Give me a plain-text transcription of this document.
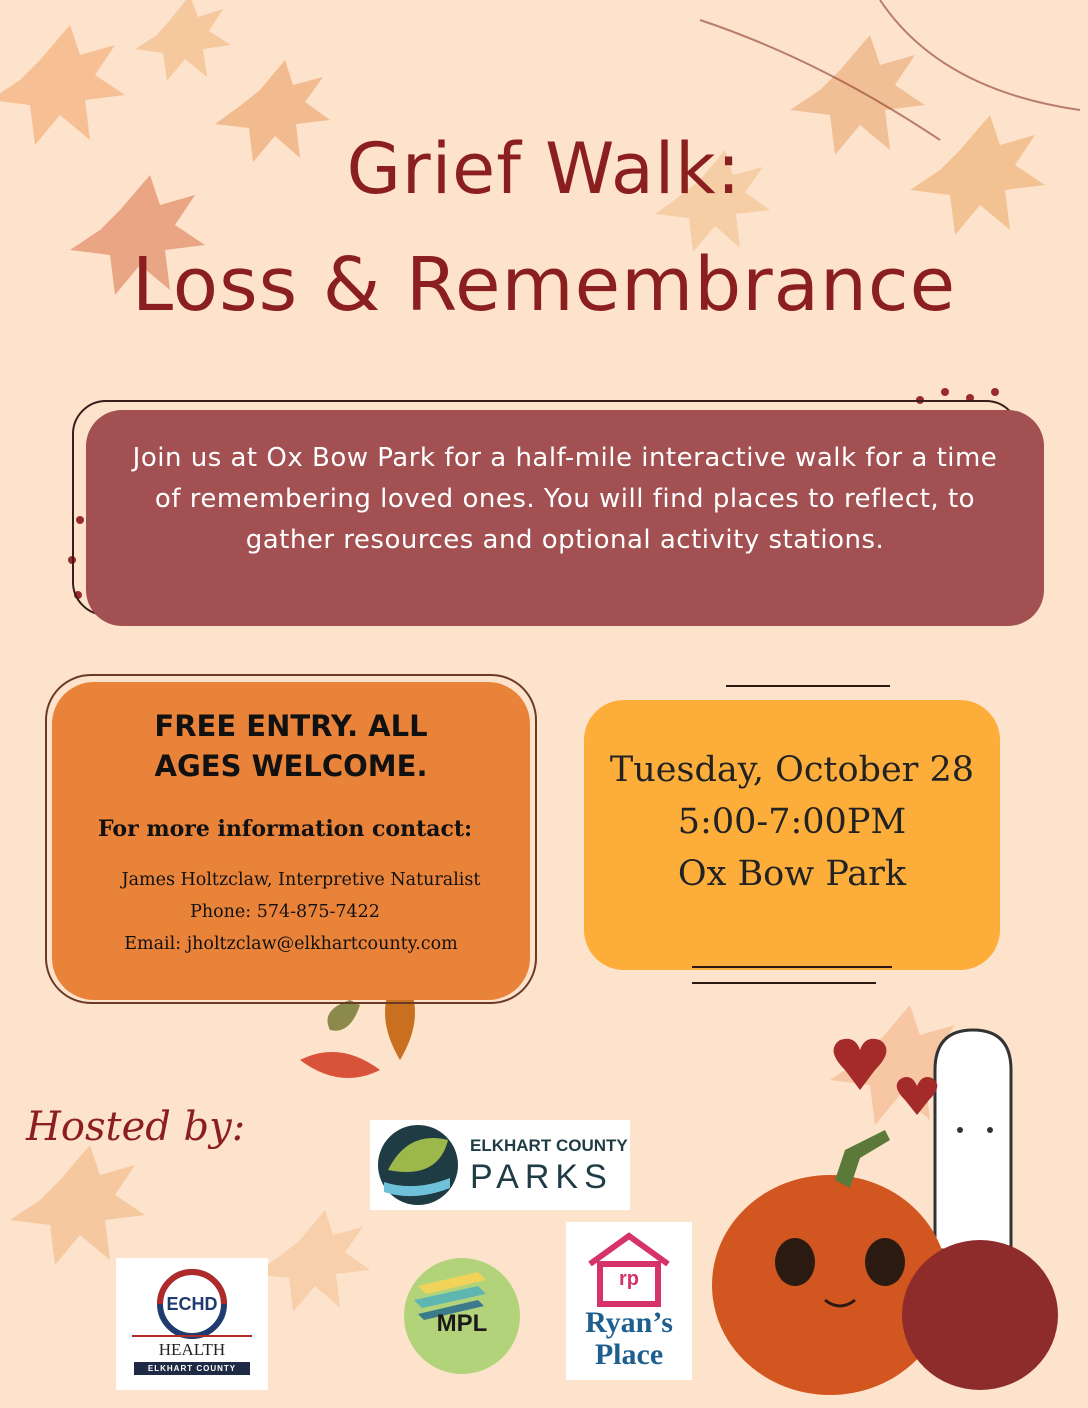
Grief Walk:
Loss & Remembrance
Join us at Ox Bow Park for a half-mile interactive walk for a time of remembering loved ones. You will find places to reflect, to gather resources and optional activity stations.
FREE ENTRY. ALL AGES WELCOME.
For more information contact:
James Holtzclaw, Interpretive Naturalist
Phone: 574-875-7422
Email: jholtzclaw@elkhartcounty.com
Tuesday, October 28
5:00-7:00PM
Ox Bow Park
Hosted by:	ELKHART COUNTY
PARKS
ECHD
HEALTH
ELKHART COUNTY
MPL
rp
Ryan’s
Place
